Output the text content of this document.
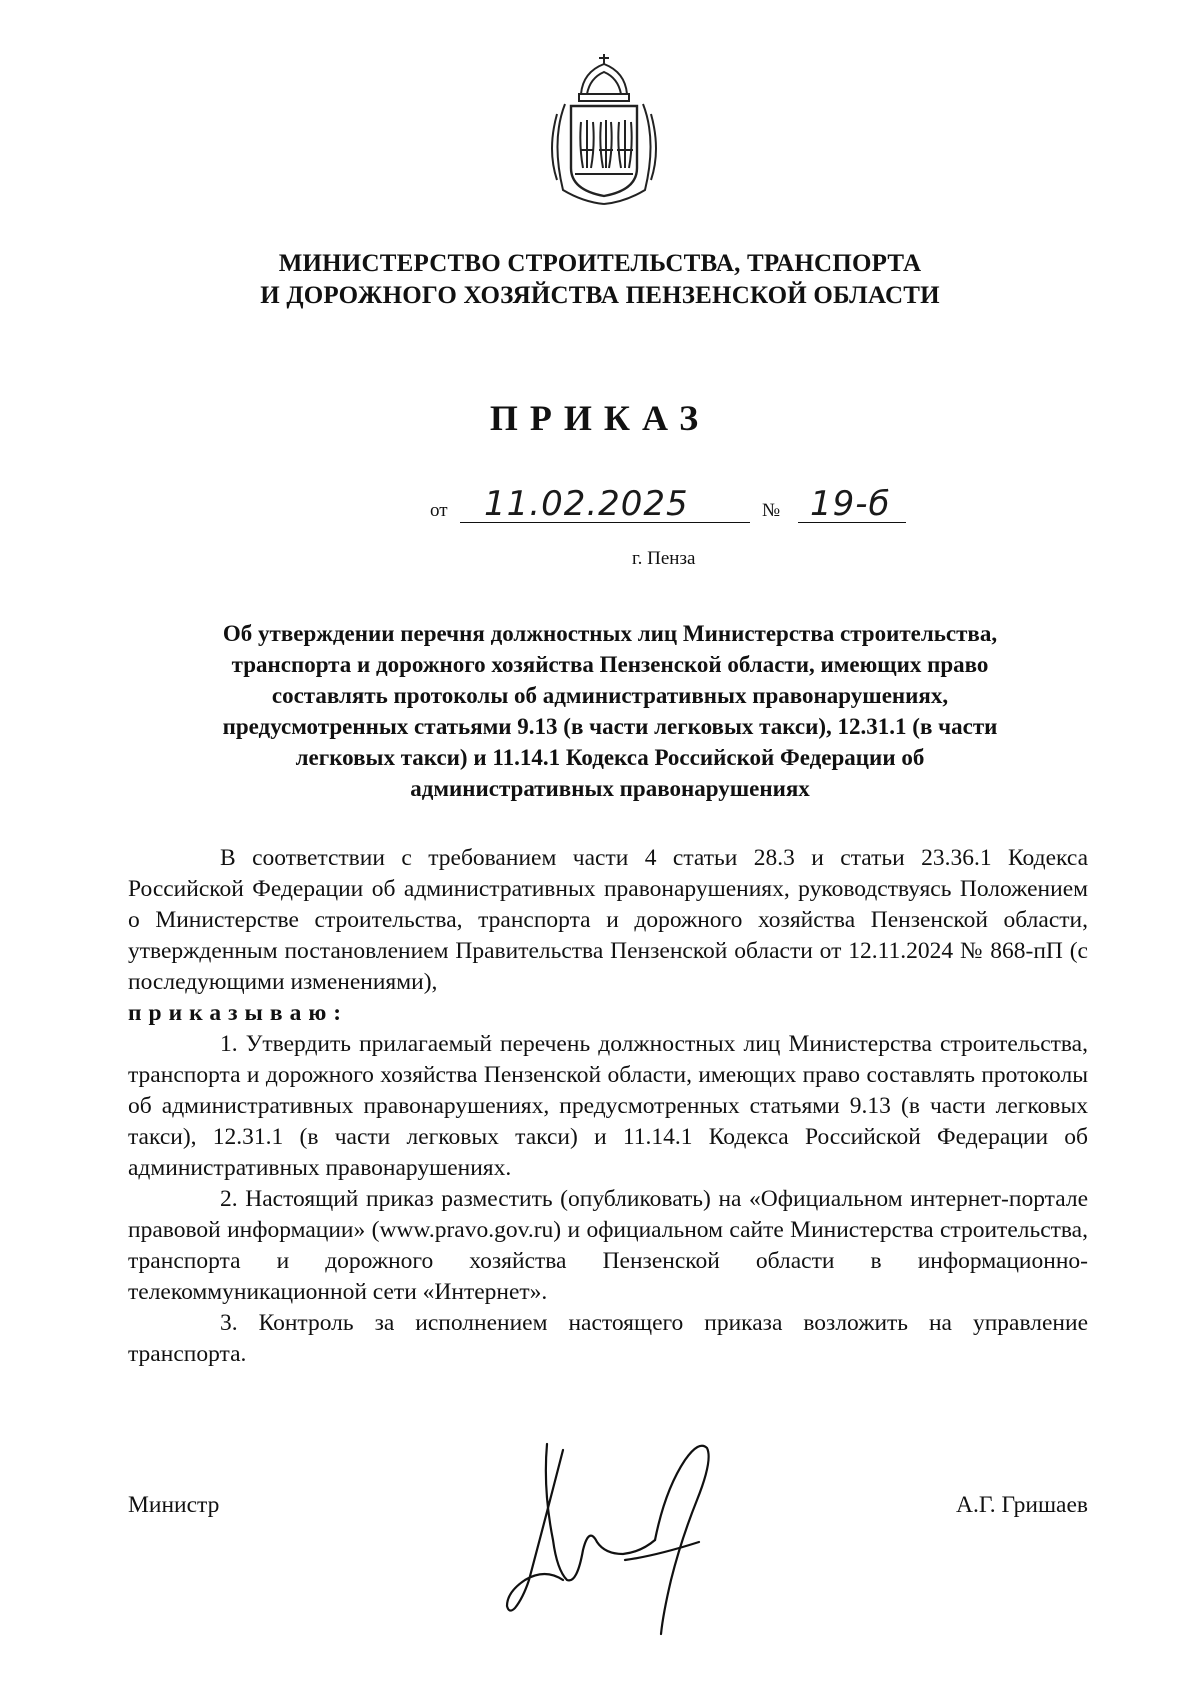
МИНИСТЕРСТВО СТРОИТЕЛЬСТВА, ТРАНСПОРТА
И ДОРОЖНОГО ХОЗЯЙСТВА ПЕНЗЕНСКОЙ ОБЛАСТИ
ПРИКАЗ
от 11.02.2025	№ 19-б
г. Пенза
Об утверждении перечня должностных лиц Министерства строительства,
транспорта и дорожного хозяйства Пензенской области, имеющих право
составлять протоколы об административных правонарушениях,
предусмотренных статьями 9.13 (в части легковых такси), 12.31.1 (в части
легковых такси) и 11.14.1 Кодекса Российской Федерации об
административных правонарушениях

В соответствии с требованием части 4 статьи 28.3 и статьи 23.36.1 Кодекса Российской Федерации об административных правонарушениях, руководствуясь Положением о Министерстве строительства, транспорта и дорожного хозяйства Пензенской области, утвержденным постановлением Правительства Пензенской области от 12.11.2024 № 868-пП (с последующими изменениями),

приказываю:

1. Утвердить прилагаемый перечень должностных лиц Министерства строительства, транспорта и дорожного хозяйства Пензенской области, имеющих право составлять протоколы об административных правонарушениях, предусмотренных статьями 9.13 (в части легковых такси), 12.31.1 (в части легковых такси) и 11.14.1 Кодекса Российской Федерации об административных правонарушениях.

2. Настоящий приказ разместить (опубликовать) на «Официальном интернет-портале правовой информации» (www.pravo.gov.ru) и официальном сайте Министерства строительства, транспорта и дорожного хозяйства Пензенской области в информационно-телекоммуникационной сети «Интернет».

3. Контроль за исполнением настоящего приказа возложить на управление транспорта.

Министр	А.Г. Гришаев
